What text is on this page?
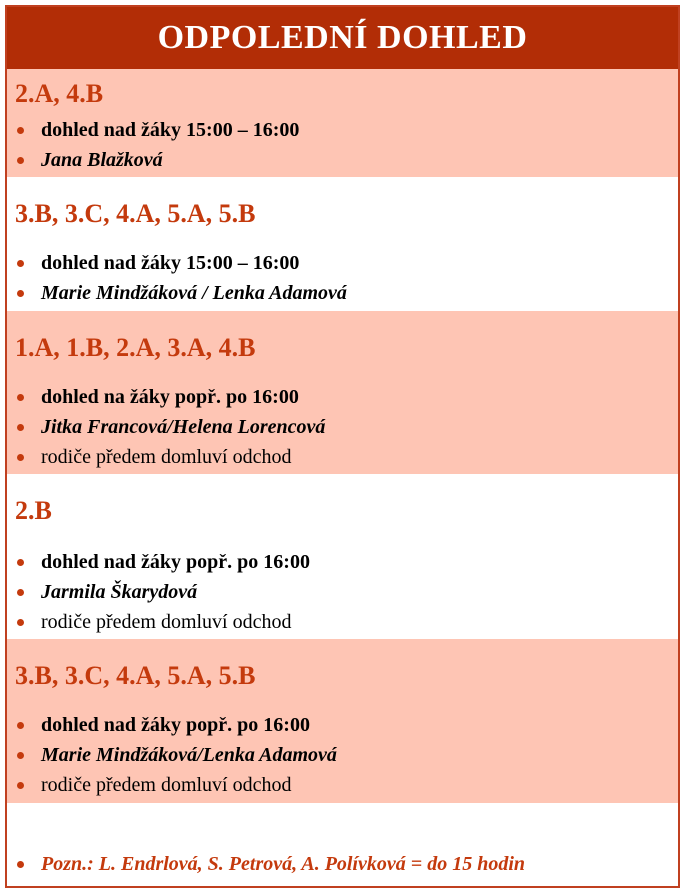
ODPOLEDNÍ DOHLED
2.A, 4.B
dohled nad žáky 15:00 – 16:00
Jana Blažková
3.B, 3.C, 4.A, 5.A, 5.B
dohled nad žáky 15:00 – 16:00
Marie Mindžáková / Lenka Adamová
1.A, 1.B, 2.A, 3.A, 4.B
dohled na žáky popř. po 16:00
Jitka Francová/Helena Lorencová
rodiče předem domluví odchod
2.B
dohled nad žáky popř. po 16:00
Jarmila Škarydová
rodiče předem domluví odchod
3.B, 3.C, 4.A, 5.A, 5.B
dohled nad žáky popř. po 16:00
Marie Mindžáková/Lenka Adamová
rodiče předem domluví odchod
Pozn.: L. Endrlová, S. Petrová, A. Polívková = do 15 hodin
